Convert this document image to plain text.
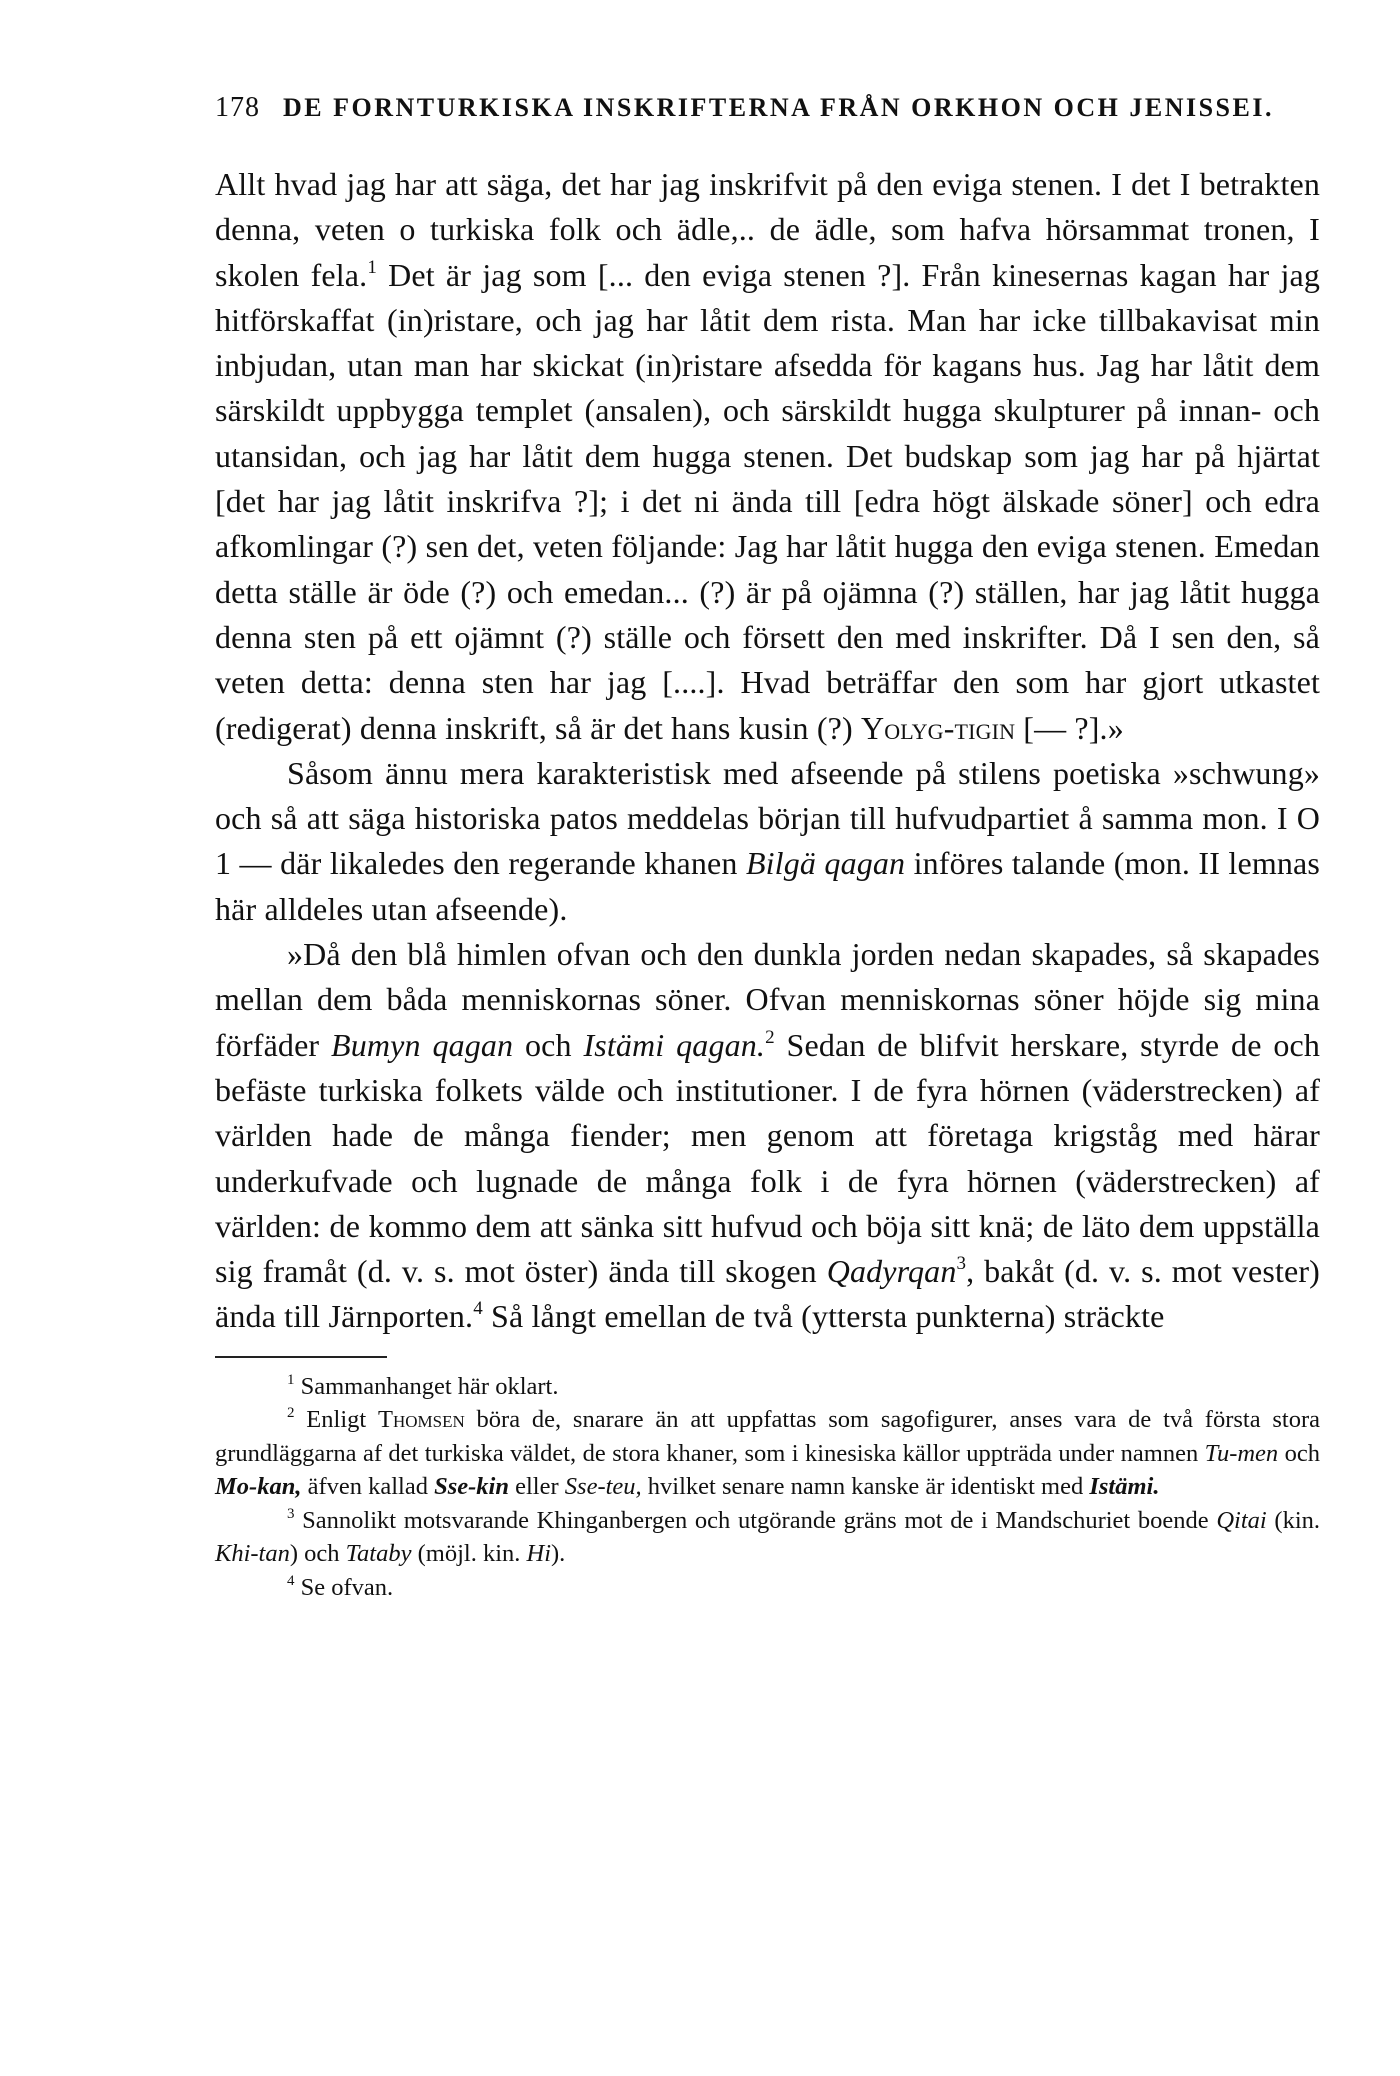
178 DE FORNTURKISKA INSKRIFTERNA FRÅN ORKHON OCH JENISSEI.

Allt hvad jag har att säga, det har jag inskrifvit på den eviga stenen. I det I betrakten denna, veten o turkiska folk och ädle,.. de ädle, som hafva hörsammat tronen, I skolen fela.$^1$ Det är jag som [... den eviga stenen ?]. Från kinesernas kagan har jag hitförskaffat (in)ristare, och jag har låtit dem rista. Man har icke tillbakavisat min inbjudan, utan man har skickat (in)ristare afsedda för kagans hus. Jag har låtit dem särskildt uppbygga templet (ansalen), och särskildt hugga skulpturer på innan- och utansidan, och jag har låtit dem hugga stenen. Det budskap som jag har på hjärtat [det har jag låtit inskrifva ?]; i det ni ända till [edra högt älskade söner] och edra afkomlingar (?) sen det, veten följande: Jag har låtit hugga den eviga stenen. Emedan detta ställe är öde (?) och emedan... (?) är på ojämna (?) ställen, har jag låtit hugga denna sten på ett ojämnt (?) ställe och försett den med inskrifter. Då I sen den, så veten detta: denna sten har jag [....]. Hvad beträffar den som har gjort utkastet (redigerat) denna inskrift, så är det hans kusin (?) Yolyg-tigin [— ?].»

Såsom ännu mera karakteristisk med afseende på stilens poetiska »schwung» och så att säga historiska patos meddelas början till hufvudpartiet å samma mon. I O 1 — där likaledes den regerande khanen Bilgä qagan införes talande (mon. II lemnas här alldeles utan afseende).

»Då den blå himlen ofvan och den dunkla jorden nedan skapades, så skapades mellan dem båda menniskornas söner. Ofvan menniskornas söner höjde sig mina förfäder Bumyn qagan och Istämi qagan.$^2$ Sedan de blifvit herskare, styrde de och befäste turkiska folkets välde och institutioner. I de fyra hörnen (väderstrecken) af världen hade de många fiender; men genom att företaga krigståg med härar underkufvade och lugnade de många folk i de fyra hörnen (väderstrecken) af världen: de kommo dem att sänka sitt hufvud och böja sitt knä; de läto dem uppställa sig framåt (d. v. s. mot öster) ända till skogen Qadyrqan$^3$, bakåt (d. v. s. mot vester) ända till Järnporten.$^4$ Så långt emellan de två (yttersta punkterna) sträckte

$^1$ Sammanhanget här oklart.

$^2$ Enligt Thomsen böra de, snarare än att uppfattas som sagofigurer, anses vara de två första stora grundläggarna af det turkiska väldet, de stora khaner, som i kinesiska källor uppträda under namnen Tu-men och Mo-kan, äfven kallad Sse-kin eller Sse-teu, hvilket senare namn kanske är identiskt med Istämi.

$^3$ Sannolikt motsvarande Khinganbergen och utgörande gräns mot de i Mandschuriet boende Qitai (kin. Khi-tan) och Tataby (möjl. kin. Hi).

$^4$ Se ofvan.
